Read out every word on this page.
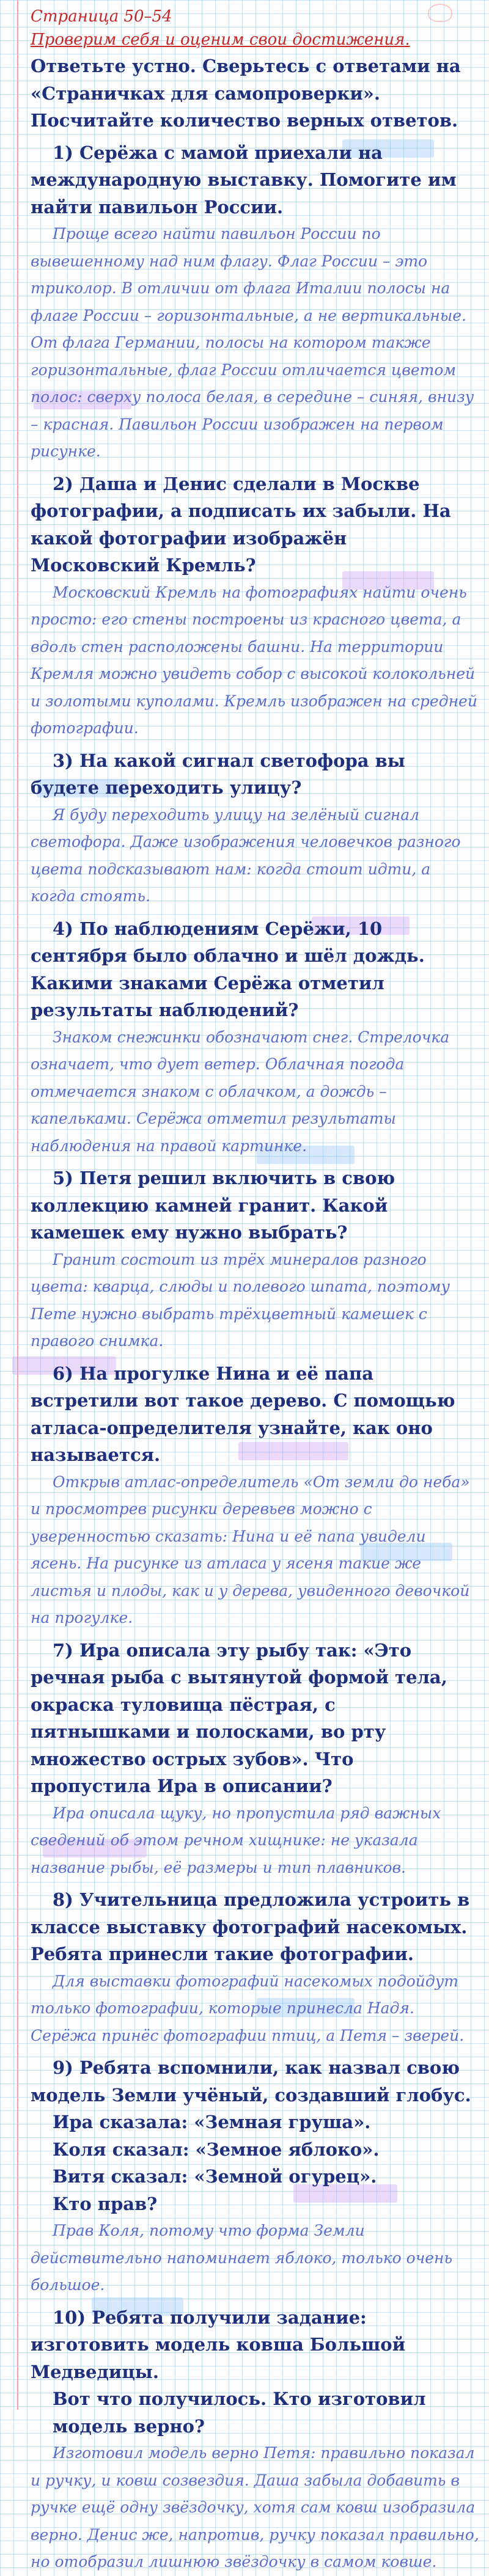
Страница 50–54
Проверим себя и оценим свои достижения.
Ответьте устно. Сверьтесь с ответами на «Страничках для самопроверки». Посчитайте количество верных ответов.
1) Серёжа с мамой приехали на международную выставку. Помогите им найти павильон России.
Проще всего найти павильон России по вывешенному над ним флагу. Флаг России – это триколор. В отличии от флага Италии полосы на флаге России – горизонтальные, а не вертикальные. От флага Германии, полосы на котором также горизонтальные, флаг России отличается цветом полос: сверху полоса белая, в середине – синяя, внизу – красная. Павильон России изображен на первом рисунке.
2) Даша и Денис сделали в Москве фотографии, а подписать их забыли. На какой фотографии изображён Московский Кремль?
Московский Кремль на фотографиях найти очень просто: его стены построены из красного цвета, а вдоль стен расположены башни. На территории Кремля можно увидеть собор с высокой колокольней и золотыми куполами. Кремль изображен на средней фотографии.
3) На какой сигнал светофора вы будете переходить улицу?
Я буду переходить улицу на зелёный сигнал светофора. Даже изображения человечков разного цвета подсказывают нам: когда стоит идти, а когда стоять.
4) По наблюдениям Серёжи, 10 сентября было облачно и шёл дождь. Какими знаками Серёжа отметил результаты наблюдений?
Знаком снежинки обозначают снег. Стрелочка означает, что дует ветер. Облачная погода отмечается знаком с облачком, а дождь – капельками. Серёжа отметил результаты наблюдения на правой картинке.
5) Петя решил включить в свою коллекцию камней гранит. Какой камешек ему нужно выбрать?
Гранит состоит из трёх минералов разного цвета: кварца, слюды и полевого шпата, поэтому Пете нужно выбрать трёхцветный камешек с правого снимка.
6) На прогулке Нина и её папа встретили вот такое дерево. С помощью атласа-определителя узнайте, как оно называется.
Открыв атлас-определитель «От земли до неба» и просмотрев рисунки деревьев можно с уверенностью сказать: Нина и её папа увидели ясень. На рисунке из атласа у ясеня такие же листья и плоды, как и у дерева, увиденного девочкой на прогулке.
7) Ира описала эту рыбу так: «Это речная рыба с вытянутой формой тела, окраска туловища пёстрая, с пятнышками и полосками, во рту множество острых зубов». Что пропустила Ира в описании?
Ира описала щуку, но пропустила ряд важных сведений об этом речном хищнике: не указала название рыбы, её размеры и тип плавников.
8) Учительница предложила устроить в классе выставку фотографий насекомых. Ребята принесли такие фотографии.
Для выставки фотографий насекомых подойдут только фотографии, которые принесла Надя. Серёжа принёс фотографии птиц, а Петя – зверей.
9) Ребята вспомнили, как назвал свою модель Земли учёный, создавший глобус.
Ира сказала: «Земная груша».
Коля сказал: «Земное яблоко».
Витя сказал: «Земной огурец».
Кто прав?
Прав Коля, потому что форма Земли действительно напоминает яблоко, только очень большое.
10) Ребята получили задание: изготовить модель ковша Большой Медведицы.
Вот что получилось. Кто изготовил модель верно?
Изготовил модель верно Петя: правильно показал и ручку, и ковш созвездия. Даша забыла добавить в ручке ещё одну звёздочку, хотя сам ковш изобразила верно. Денис же, напротив, ручку показал правильно, но отобразил лишнюю звёздочку в самом ковше.
